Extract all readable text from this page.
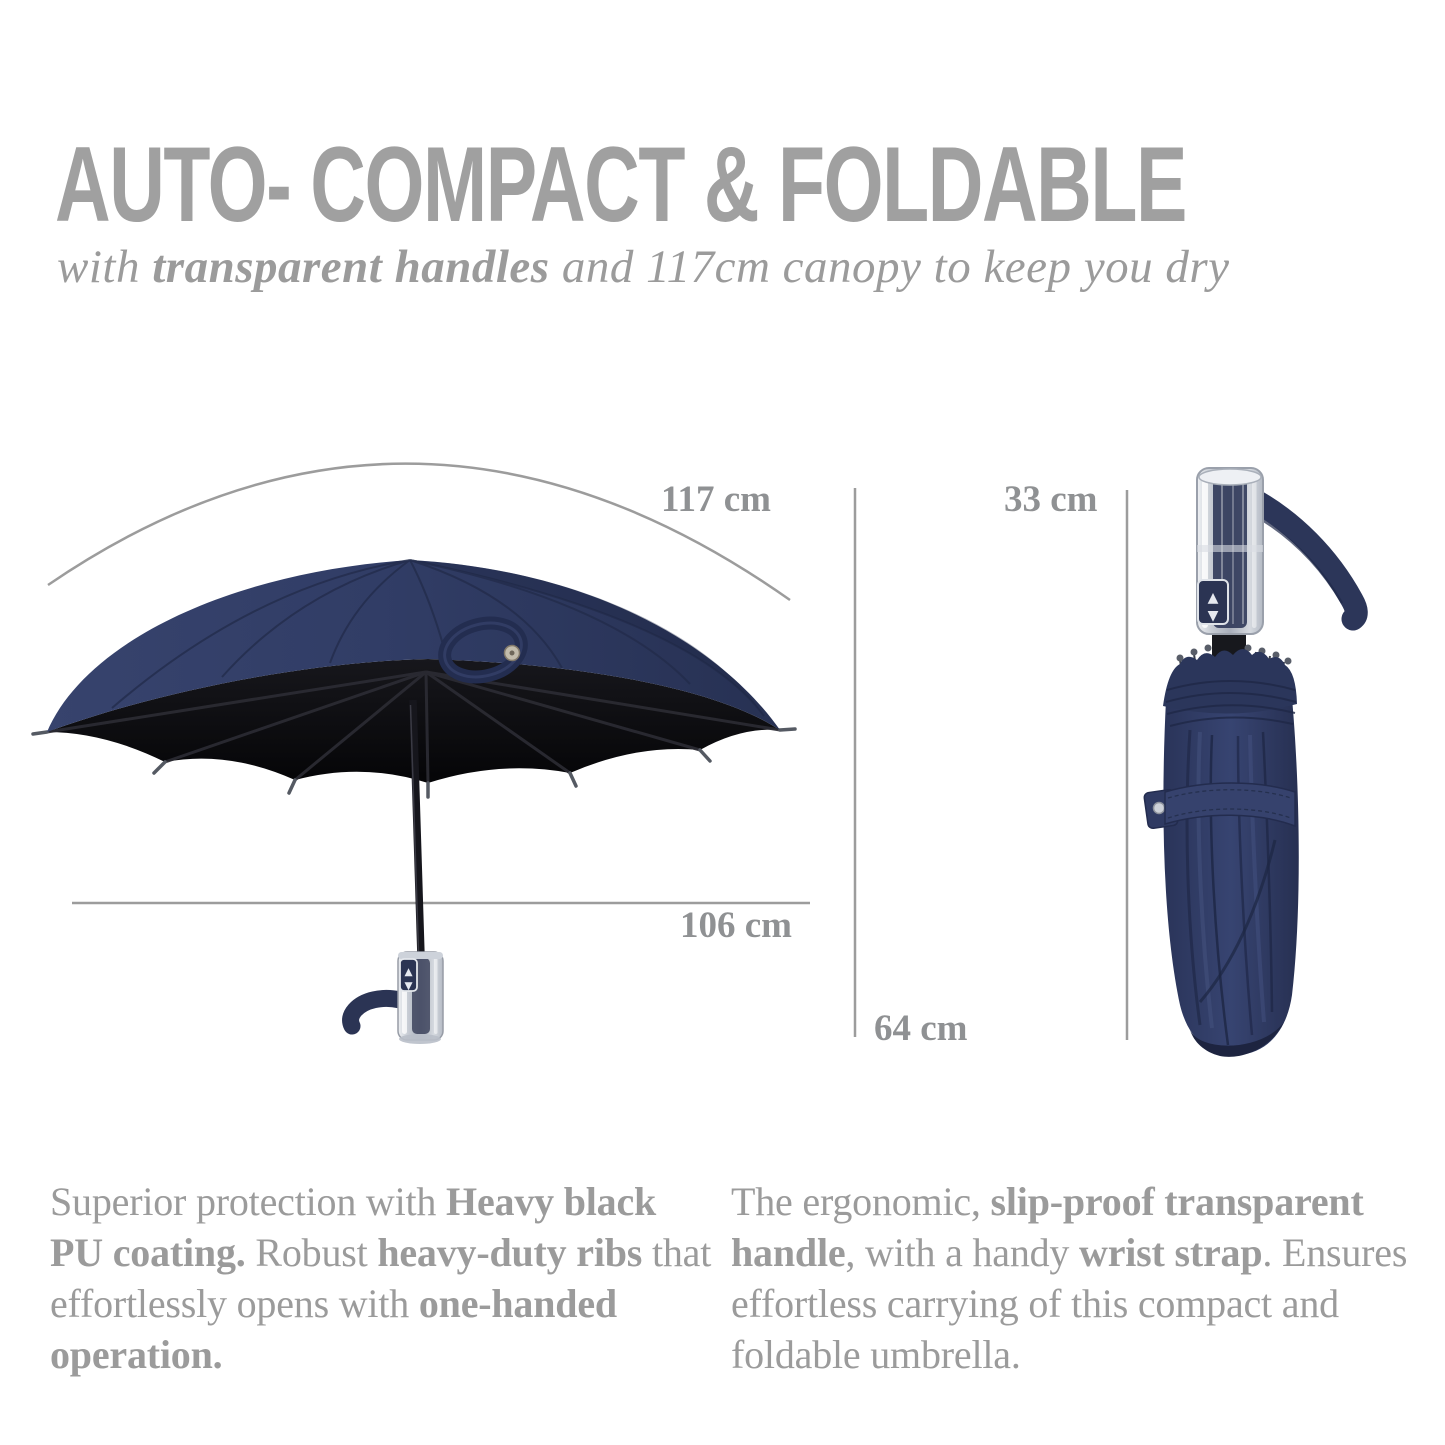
▲
▼
▲
▼
AUTO- COMPACT & FOLDABLE
with transparent handles and 117cm canopy to keep you dry
117 cm	33 cm
106 cm
64 cm

Superior protection with Heavy black PU coating. Robust heavy-duty ribs that effortlessly opens with one-handed operation.

The ergonomic, slip-proof transparent handle, with a handy wrist strap. Ensures effortless carrying of this compact and foldable umbrella.
